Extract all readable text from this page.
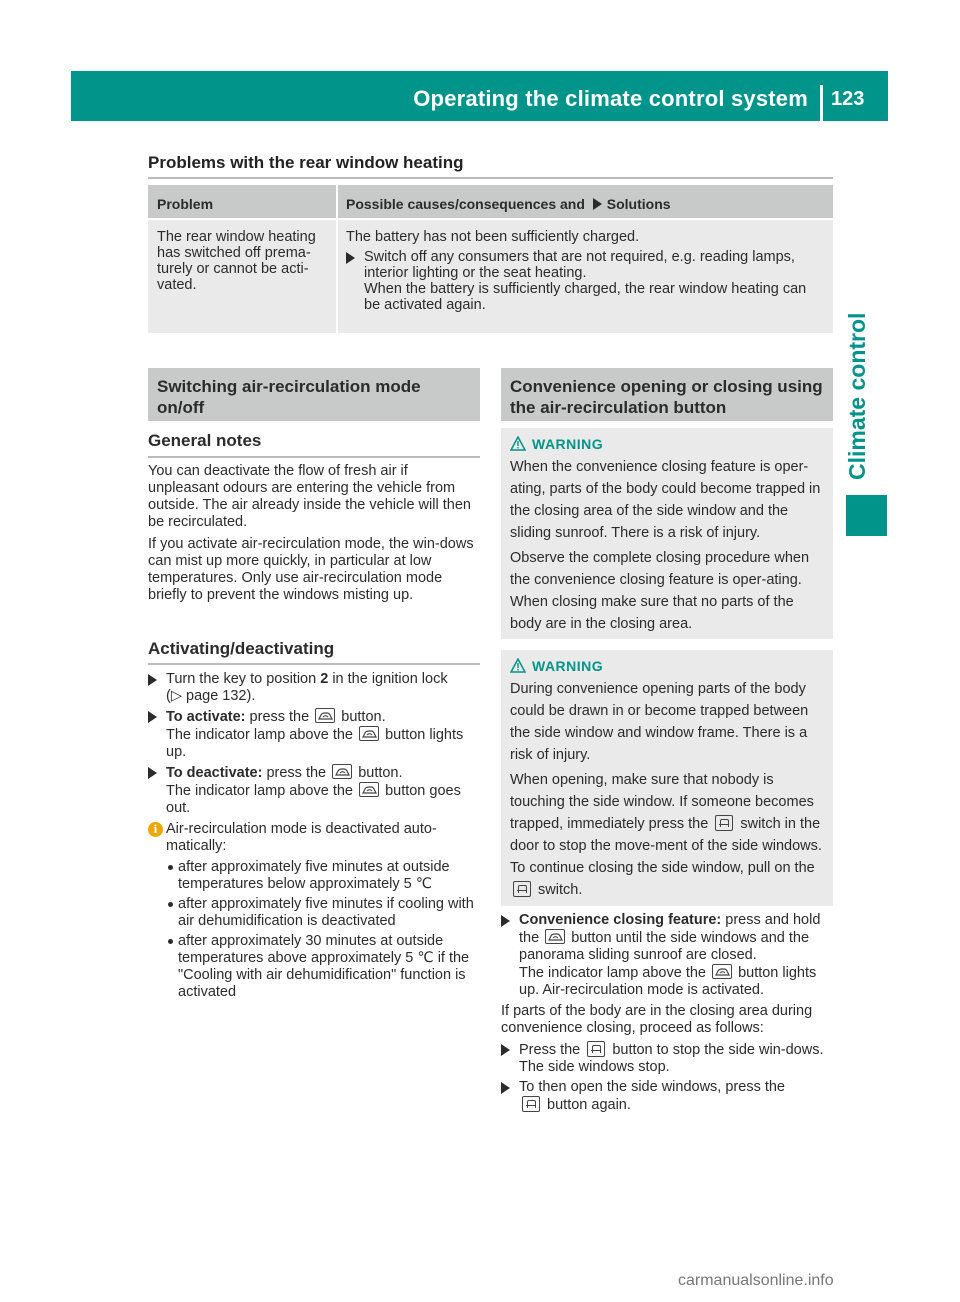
Operating the climate control system	123
Climate control
Problems with the rear window heating
Problem	Possible causes/consequences and Solutions
The rear window heating has switched off prema-turely or cannot be acti-vated.
The battery has not been sufficiently charged.
Switch off any consumers that are not required, e.g. reading lamps, interior lighting or the seat heating.
When the battery is sufficiently charged, the rear window heating can be activated again.
Switching air-recirculation mode on/off
General notes
You can deactivate the flow of fresh air if unpleasant odours are entering the vehicle from outside. The air already inside the vehicle will then be recirculated.
If you activate air-recirculation mode, the win-dows can mist up more quickly, in particular at low temperatures. Only use air-recirculation mode briefly to prevent the windows misting up.
Activating/deactivating
Turn the key to position 2 in the ignition lock
(▷ page 132).
To activate: press the button.
The indicator lamp above the button lights up.
To deactivate: press the button.
The indicator lamp above the button goes out.
i Air-recirculation mode is deactivated auto-matically:
after approximately five minutes at outside temperatures below approximately 5 ℃
after approximately five minutes if cooling with air dehumidification is deactivated
after approximately 30 minutes at outside temperatures above approximately 5 ℃ if the "Cooling with air dehumidification" function is activated
Convenience opening or closing using the air-recirculation button
WARNING
When the convenience closing feature is oper-ating, parts of the body could become trapped in the closing area of the side window and the sliding sunroof. There is a risk of injury.
Observe the complete closing procedure when the convenience closing feature is oper-ating. When closing make sure that no parts of the body are in the closing area.
WARNING
During convenience opening parts of the body could be drawn in or become trapped between the side window and window frame. There is a risk of injury.
When opening, make sure that nobody is touching the side window. If someone becomes trapped, immediately press the switch in the door to stop the move-ment of the side windows. To continue closing the side window, pull on the  switch.
Convenience closing feature: press and hold the button until the side windows and the panorama sliding sunroof are closed.
The indicator lamp above the button lights up. Air-recirculation mode is activated.
If parts of the body are in the closing area during convenience closing, proceed as follows:
Press the button to stop the side win-dows.
The side windows stop.
To then open the side windows, press the
button again.
carmanualsonline.info
